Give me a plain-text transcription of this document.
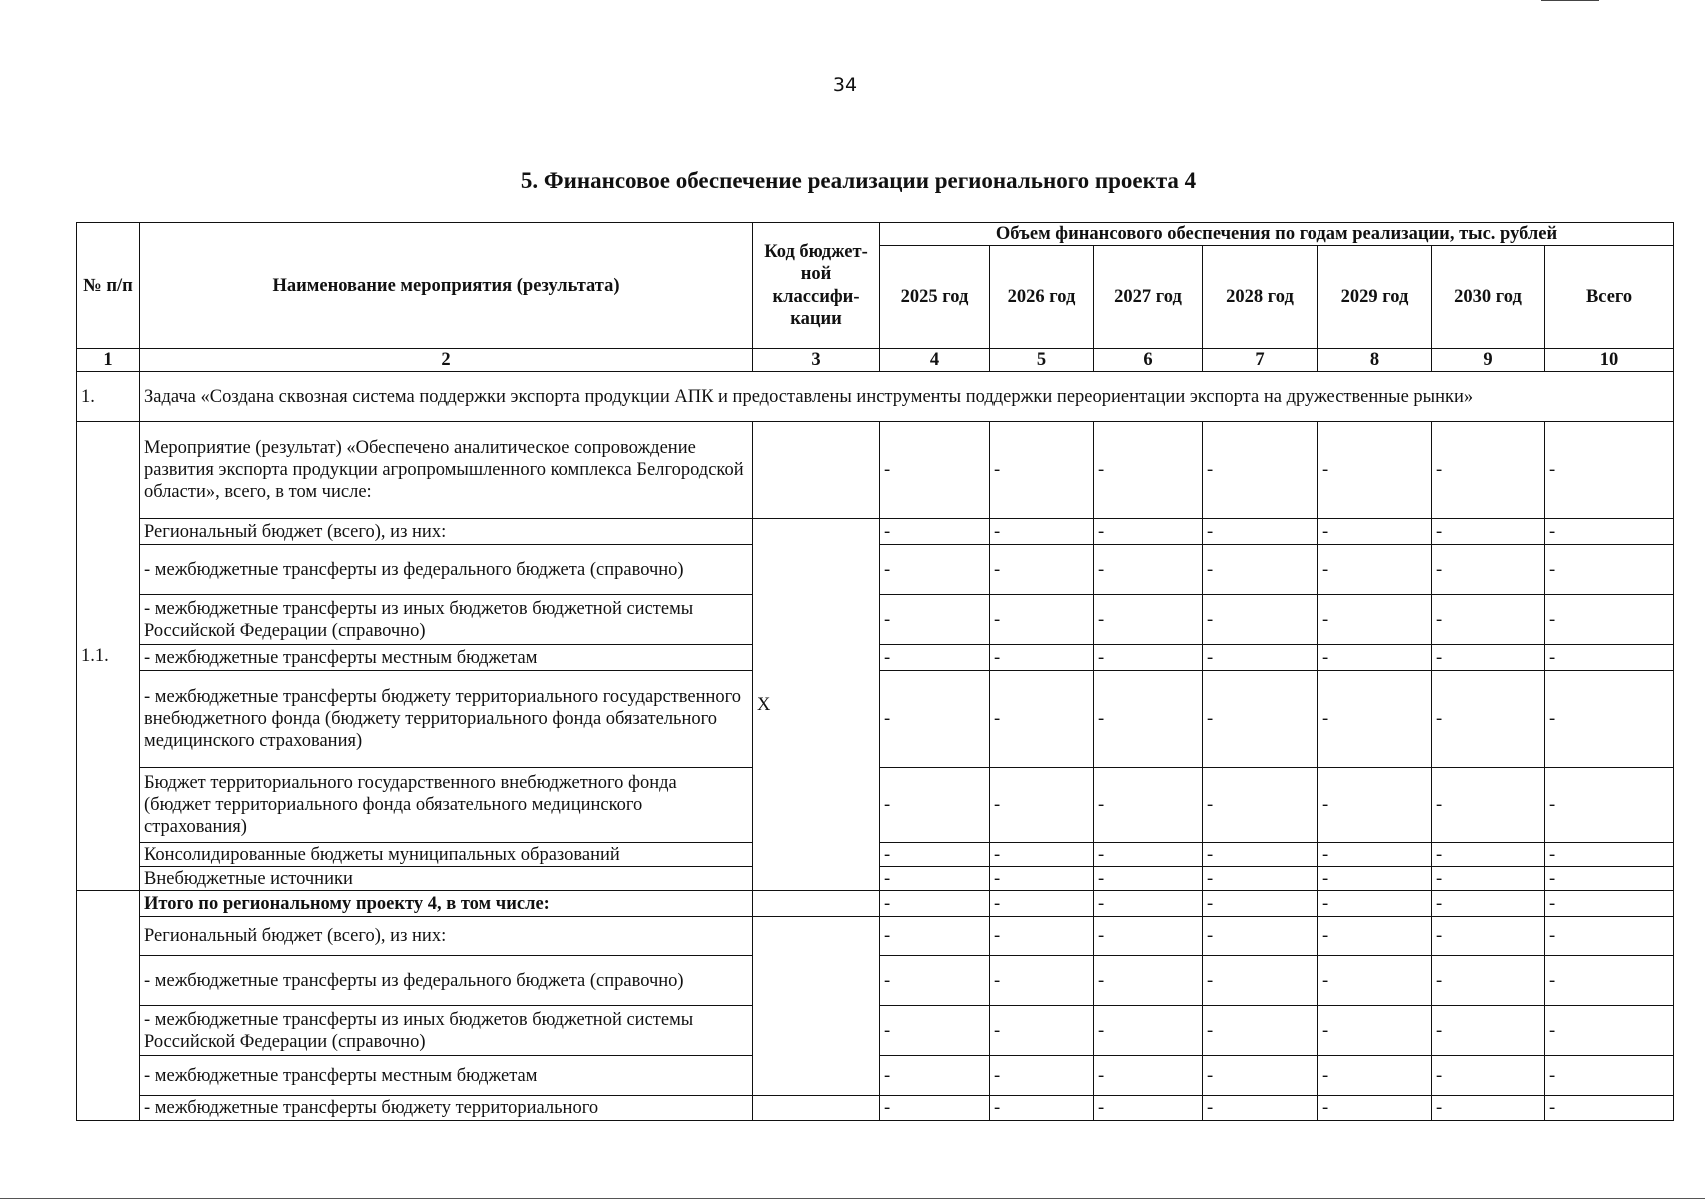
34
5. Финансовое обеспечение реализации регионального проекта 4
№ п/п	Наименование мероприятия (результата)	Код бюджет-ной классифи-кации	Объем финансового обеспечения по годам реализации, тыс. рублей						
			2025 год	2026 год	2027 год	2028 год	2029 год	2030 год	Всего
1	2	3	4	5	6	7	8	9	10
1.	Задача «Создана сквозная система поддержки экспорта продукции АПК и предоставлены инструменты поддержки переориентации экспорта на дружественные рынки»								
1.1.	Мероприятие (результат) «Обеспечено аналитическое сопровождение развития экспорта продукции агропромышленного комплекса Белгородской области», всего, в том числе:		-	-	-	-	-	-	-
	Региональный бюджет (всего), из них:	Х	-	-	-	-	-	-	-
	- межбюджетные трансферты из федерального бюджета (справочно)		-	-	-	-	-	-	-
	- межбюджетные трансферты из иных бюджетов бюджетной системы Российской Федерации (справочно)		-	-	-	-	-	-	-
	- межбюджетные трансферты местным бюджетам		-	-	-	-	-	-	-
	- межбюджетные трансферты бюджету территориального государственного внебюджетного фонда (бюджету территориального фонда обязательного медицинского страхования)		-	-	-	-	-	-	-
	Бюджет территориального государственного внебюджетного фонда (бюджет территориального фонда обязательного медицинского страхования)		-	-	-	-	-	-	-
	Консолидированные бюджеты муниципальных образований		-	-	-	-	-	-	-
	Внебюджетные источники		-	-	-	-	-	-	-
	Итого по региональному проекту 4, в том числе:		-	-	-	-	-	-	-
	Региональный бюджет (всего), из них:		-	-	-	-	-	-	-
	- межбюджетные трансферты из федерального бюджета (справочно)		-	-	-	-	-	-	-
	- межбюджетные трансферты из иных бюджетов бюджетной системы Российской Федерации (справочно)		-	-	-	-	-	-	-
	- межбюджетные трансферты местным бюджетам		-	-	-	-	-	-	-
	- межбюджетные трансферты бюджету территориального		-	-	-	-	-	-	-
